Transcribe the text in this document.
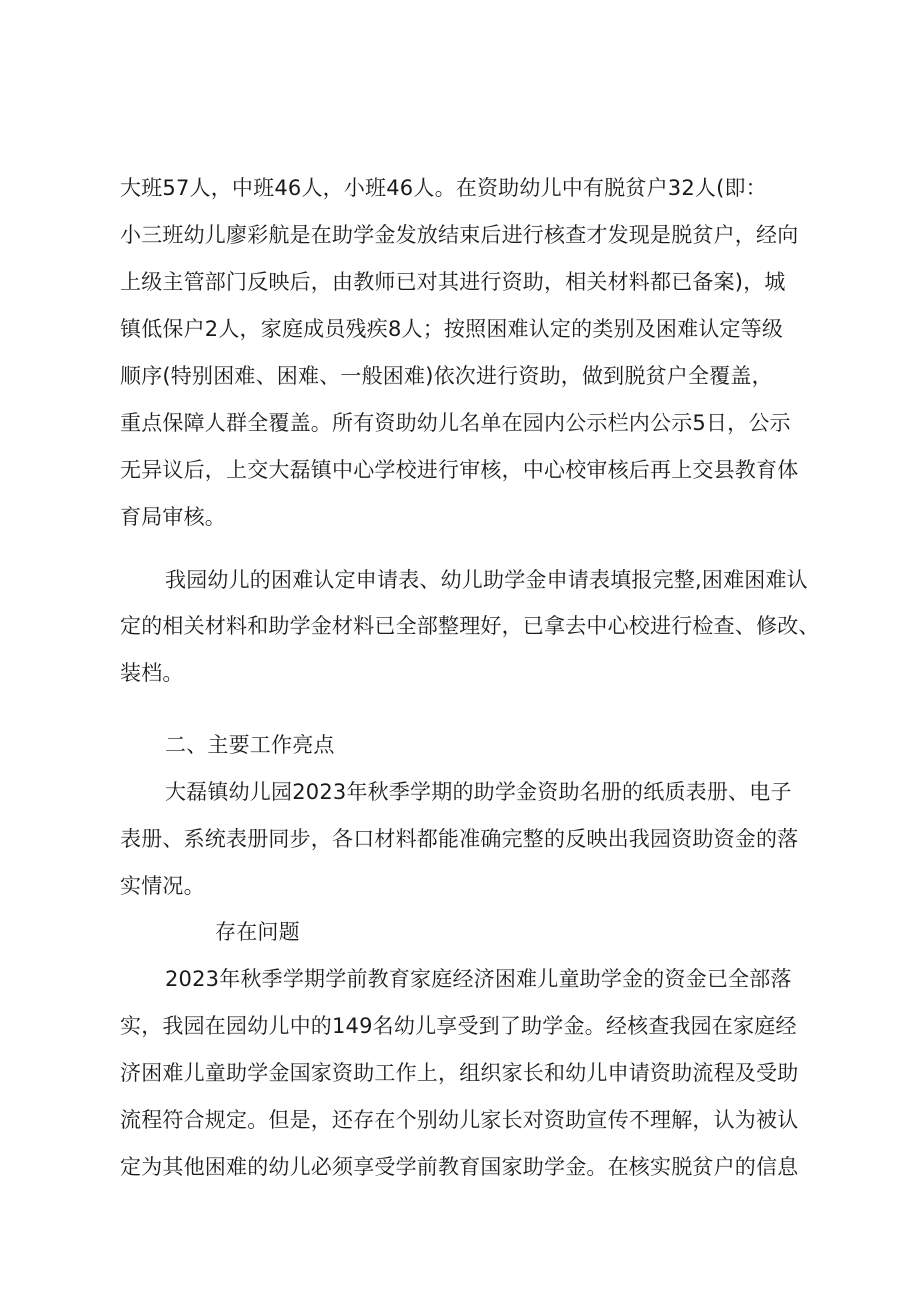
大班57人，中班46人，小班46人。在资助幼儿中有脱贫户32人(即：
小三班幼儿廖彩航是在助学金发放结束后进行核查才发现是脱贫户，经向
上级主管部门反映后，由教师已对其进行资助，相关材料都已备案)，城
镇低保户2人，家庭成员残疾8人；按照困难认定的类别及困难认定等级
顺序(特别困难、困难、一般困难)依次进行资助，做到脱贫户全覆盖，
重点保障人群全覆盖。所有资助幼儿名单在园内公示栏内公示5日，公示
无异议后，上交大磊镇中心学校进行审核，中心校审核后再上交县教育体
育局审核。
我园幼儿的困难认定申请表、幼儿助学金申请表填报完整,困难困难认
定的相关材料和助学金材料已全部整理好，已拿去中心校进行检查、修改、
装档。
二、主要工作亮点
大磊镇幼儿园2023年秋季学期的助学金资助名册的纸质表册、电子
表册、系统表册同步，各口材料都能准确完整的反映出我园资助资金的落
实情况。
存在问题
2023年秋季学期学前教育家庭经济困难儿童助学金的资金已全部落
实，我园在园幼儿中的149名幼儿享受到了助学金。经核查我园在家庭经
济困难儿童助学金国家资助工作上，组织家长和幼儿申请资助流程及受助
流程符合规定。但是，还存在个别幼儿家长对资助宣传不理解，认为被认
定为其他困难的幼儿必须享受学前教育国家助学金。在核实脱贫户的信息
